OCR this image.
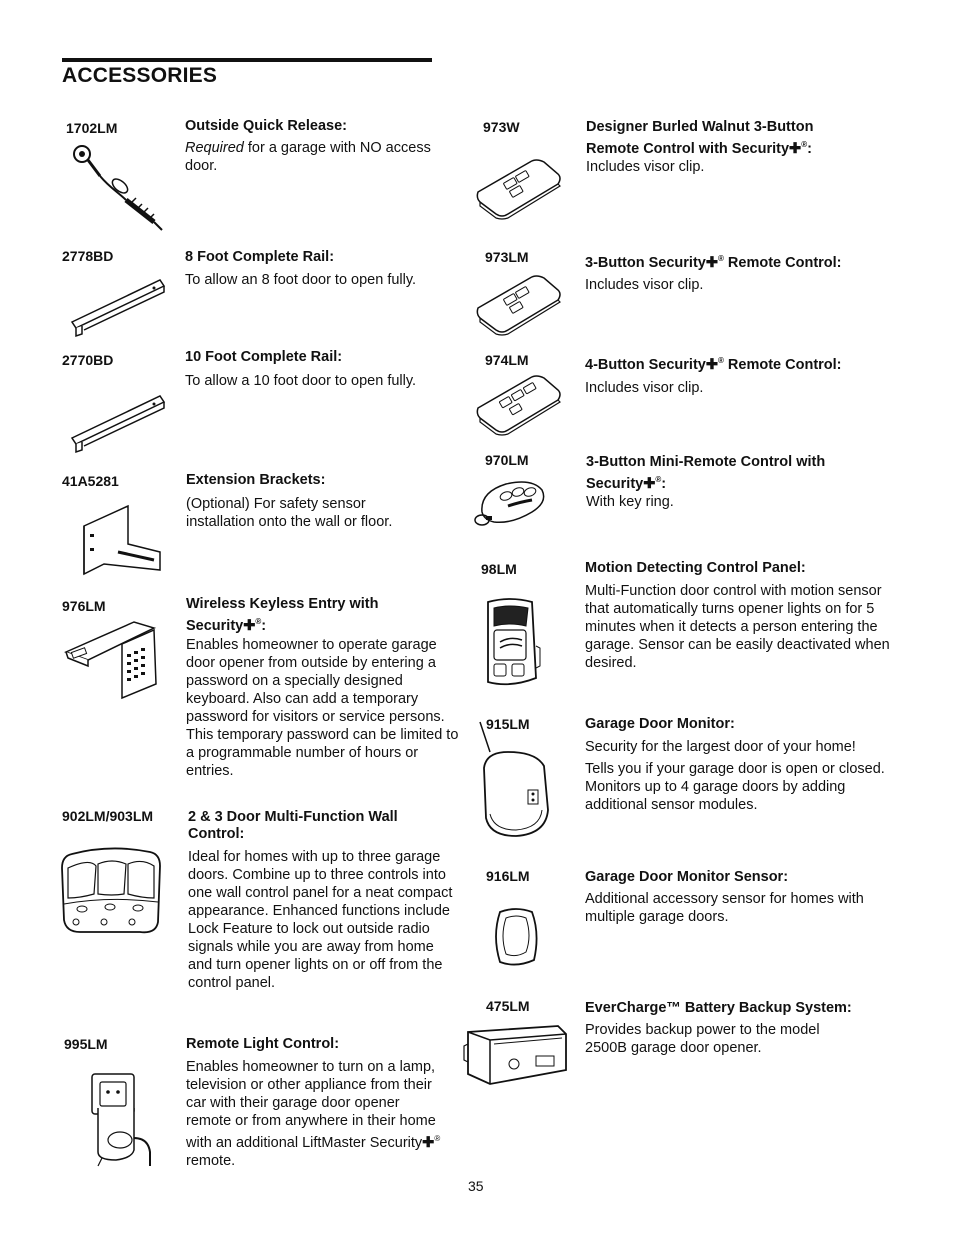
ACCESSORIES
1702LM	Outside Quick Release:
Required for a garage with NO access door.
2778BD	8 Foot Complete Rail:
To allow an 8 foot door to open fully.
2770BD	10 Foot Complete Rail:
To allow a 10 foot door to open fully.
41A5281	Extension Brackets:
(Optional) For safety sensor installation onto the wall or floor.
976LM	Wireless Keyless Entry with Security✚®:
Enables homeowner to operate garage door opener from outside by entering a password on a specially designed keyboard. Also can add a temporary password for visitors or service persons. This temporary password can be limited to a programmable number of hours or entries.
902LM/903LM 2 & 3 Door Multi-Function Wall Control:
Ideal for homes with up to three garage doors. Combine up to three controls into one wall control panel for a neat compact appearance. Enhanced functions include Lock Feature to lock out outside radio signals while you are away from home and turn opener lights on or off from the control panel.
995LM	Remote Light Control:
Enables homeowner to turn on a lamp, television or other appliance from their car with their garage door opener remote or from anywhere in their home with an additional LiftMaster Security✚® remote.
973W	Designer Burled Walnut 3-Button Remote Control with Security✚®:
Includes visor clip.
973LM	3-Button Security✚® Remote Control:
Includes visor clip.
974LM	4-Button Security✚® Remote Control:
Includes visor clip.
970LM	3-Button Mini-Remote Control with Security✚®:
With key ring.
98LM	Motion Detecting Control Panel:
Multi-Function door control with motion sensor that automatically turns opener lights on for 5 minutes when it detects a person entering the garage. Sensor can be easily deactivated when desired.
915LM	Garage Door Monitor:
Security for the largest door of your home!
Tells you if your garage door is open or closed. Monitors up to 4 garage doors by adding additional sensor modules.
916LM	Garage Door Monitor Sensor:
Additional accessory sensor for homes with multiple garage doors.
475LM	EverCharge™ Battery Backup System:
Provides backup power to the model 2500B garage door opener.
35
